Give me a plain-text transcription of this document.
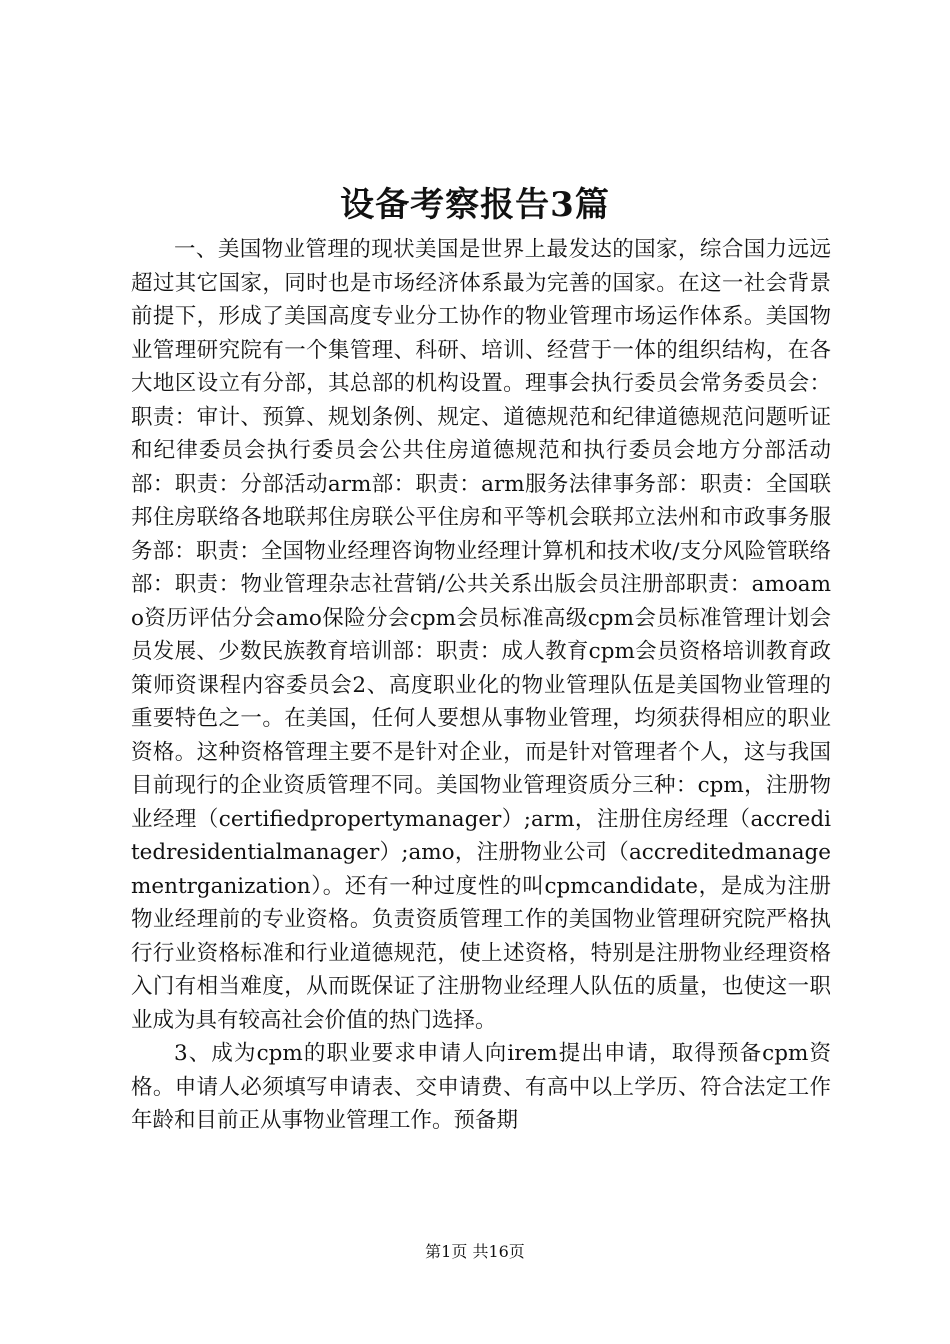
设备考察报告3篇

一、美国物业管理的现状美国是世界上最发达的国家，综合国力远远超过其它国家，同时也是市场经济体系最为完善的国家。在这一社会背景前提下，形成了美国高度专业分工协作的物业管理市场运作体系。美国物业管理研究院有一个集管理、科研、培训、经营于一体的组织结构，在各大地区设立有分部，其总部的机构设置。理事会执行委员会常务委员会：职责：审计、预算、规划条例、规定、道德规范和纪律道德规范问题听证和纪律委员会执行委员会公共住房道德规范和执行委员会地方分部活动部：职责：分部活动arm部：职责：arm服务法律事务部：职责：全国联邦住房联络各地联邦住房联公平住房和平等机会联邦立法州和市政事务服务部：职责：全国物业经理咨询物业经理计算机和技术收/支分风险管联络部：职责：物业管理杂志社营销/公共关系出版会员注册部职责：amoamo资历评估分会amo保险分会cpm会员标准高级cpm会员标准管理计划会员发展、少数民族教育培训部：职责：成人教育cpm会员资格培训教育政策师资课程内容委员会2、高度职业化的物业管理队伍是美国物业管理的重要特色之一。在美国，任何人要想从事物业管理，均须获得相应的职业资格。这种资格管理主要不是针对企业，而是针对管理者个人，这与我国目前现行的企业资质管理不同。美国物业管理资质分三种：cpm，注册物业经理（certifiedpropertymanager）;arm，注册住房经理（accreditedresidentialmanager）;amo，注册物业公司（accreditedmanagementrganization）。还有一种过度性的叫cpmcandidate，是成为注册物业经理前的专业资格。负责资质管理工作的美国物业管理研究院严格执行行业资格标准和行业道德规范，使上述资格，特别是注册物业经理资格入门有相当难度，从而既保证了注册物业经理人队伍的质量，也使这一职业成为具有较高社会价值的热门选择。

3、成为cpm的职业要求申请人向irem提出申请，取得预备cpm资格。申请人必须填写申请表、交申请费、有高中以上学历、符合法定工作年龄和目前正从事物业管理工作。预备期

第1页 共16页
